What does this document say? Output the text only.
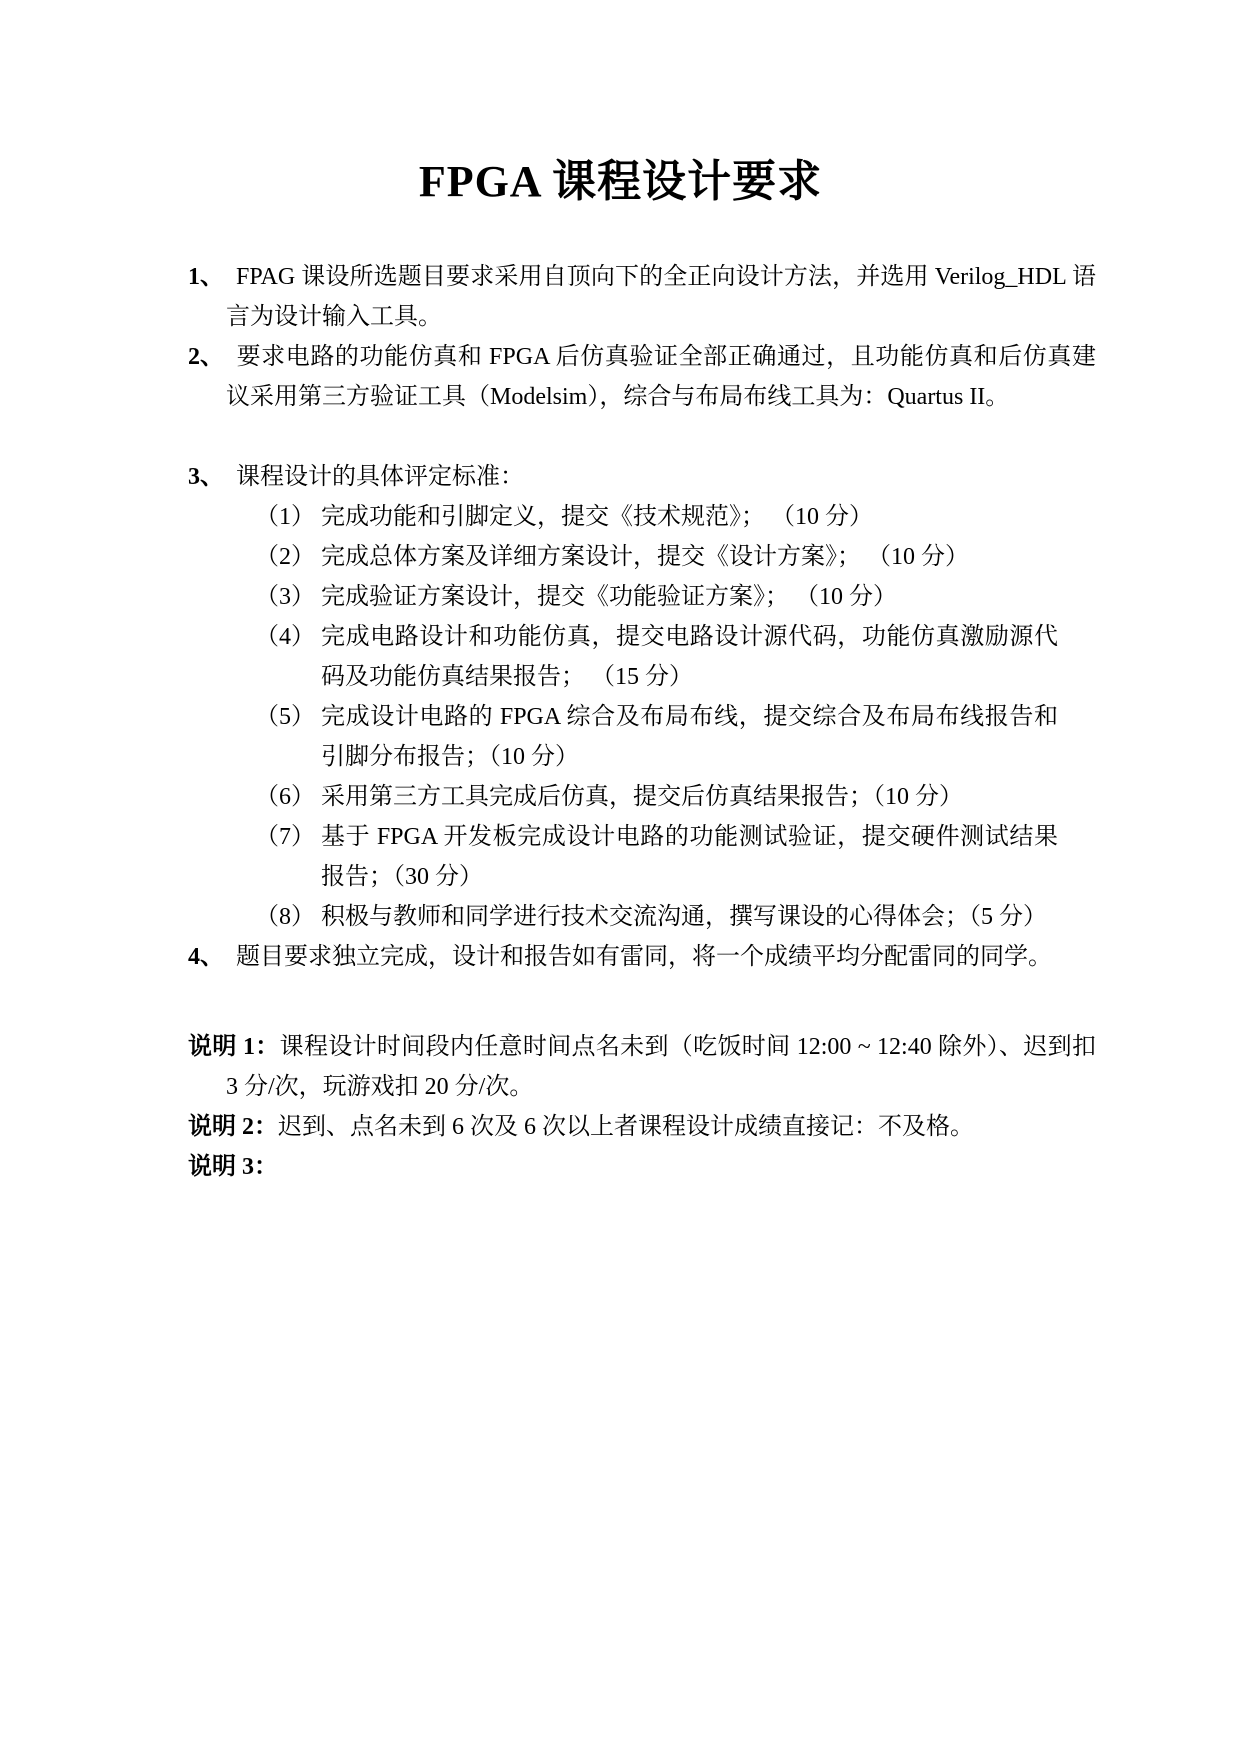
FPGA 课程设计要求
1、 FPAG 课设所选题目要求采用自顶向下的全正向设计方法，并选用 Verilog_HDL 语言为设计输入工具。
2、 要求电路的功能仿真和 FPGA 后仿真验证全部正确通过，且功能仿真和后仿真建议采用第三方验证工具（Modelsim），综合与布局布线工具为：Quartus II。
3、 课程设计的具体评定标准：
（1） 完成功能和引脚定义，提交《技术规范》； （10 分）
（2） 完成总体方案及详细方案设计，提交《设计方案》； （10 分）
（3） 完成验证方案设计，提交《功能验证方案》； （10 分）
（4） 完成电路设计和功能仿真，提交电路设计源代码，功能仿真激励源代码及功能仿真结果报告； （15 分）
（5） 完成设计电路的 FPGA 综合及布局布线，提交综合及布局布线报告和引脚分布报告；（10 分）
（6） 采用第三方工具完成后仿真，提交后仿真结果报告；（10 分）
（7） 基于 FPGA 开发板完成设计电路的功能测试验证，提交硬件测试结果报告；（30 分）
（8） 积极与教师和同学进行技术交流沟通，撰写课设的心得体会；（5 分）
4、 题目要求独立完成，设计和报告如有雷同，将一个成绩平均分配雷同的同学。
说明 1：课程设计时间段内任意时间点名未到（吃饭时间 12:00 ~ 12:40 除外）、迟到扣 3 分/次，玩游戏扣 20 分/次。
说明 2：迟到、点名未到 6 次及 6 次以上者课程设计成绩直接记：不及格。
说明 3：
